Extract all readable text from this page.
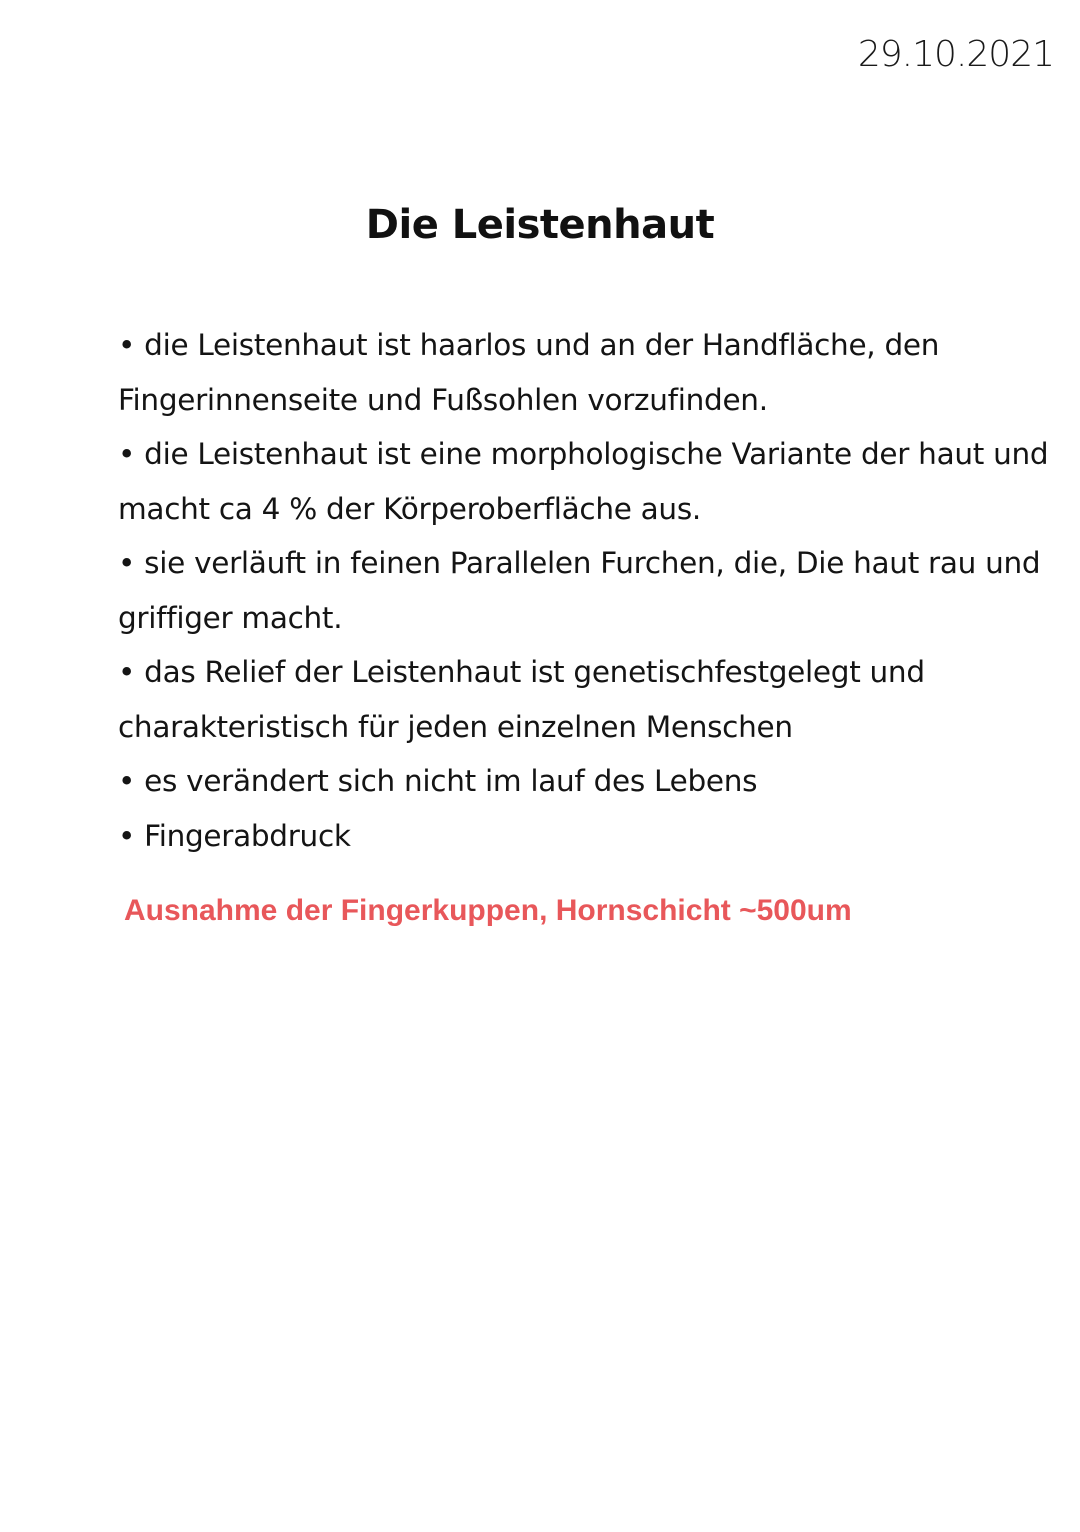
29.10.2021
Die Leistenhaut
• die Leistenhaut ist haarlos und an der Handfläche, den
Fingerinnenseite und Fußsohlen vorzufinden.
• die Leistenhaut ist eine morphologische Variante der haut und
macht ca 4 % der Körperoberfläche aus.
• sie verläuft in feinen Parallelen Furchen, die, Die haut rau und
griffiger macht.
• das Relief der Leistenhaut ist genetischfestgelegt und
charakteristisch für jeden einzelnen Menschen
• es verändert sich nicht im lauf des Lebens
• Fingerabdruck
Ausnahme der Fingerkuppen, Hornschicht ~500um
